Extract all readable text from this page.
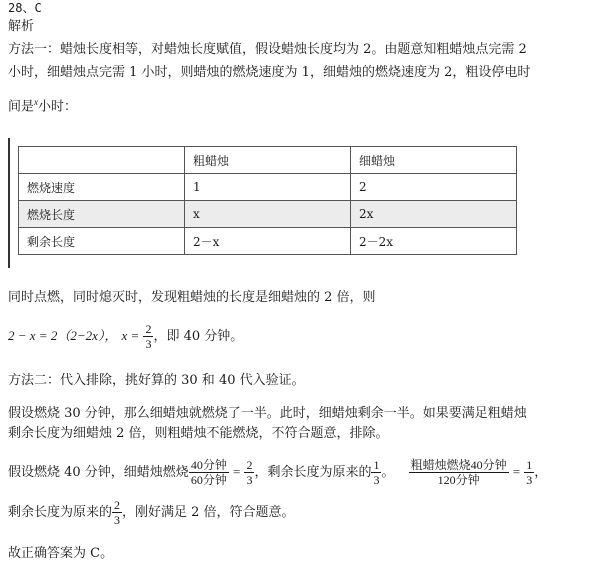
28、C
解析
方法一：蜡烛长度相等，对蜡烛长度赋值，假设蜡烛长度均为 2。由题意知粗蜡烛点完需 2
小时，细蜡烛点完需 1 小时，则蜡烛的燃烧速度为 1，细蜡烛的燃烧速度为 2，粗设停电时
间是$^x$小时：
	粗蜡烛	细蜡烛
燃烧速度	1	2
燃烧长度	x	2x
剩余长度	2－x	2－2x
同时点燃，同时熄灭时，发现粗蜡烛的长度是细蜡烛的 2 倍，则
2 − x = 2（2−2x）， $x = \frac{2}{3}$ ，即 40 分钟。
方法二：代入排除，挑好算的 30 和 40 代入验证。
假设燃烧 30 分钟，那么细蜡烛就燃烧了一半。此时，细蜡烛剩余一半。如果要满足粗蜡烛
剩余长度为细蜡烛 2 倍，则粗蜡烛不能燃烧，不符合题意，排除。
假设燃烧 40 分钟，细蜡烛燃烧 $\frac{\text{40分钟}}{\text{60分钟}} = \frac{2}{3}$ ，剩余长度为原来的 $\frac{1}{3}$ 。 $\frac{\text{粗蜡烛燃烧40分钟}}{\text{120分钟}} = \frac{1}{3}$ ，
剩余长度为原来的 $\frac{2}{3}$ ，刚好满足 2 倍，符合题意。
故正确答案为 C。
